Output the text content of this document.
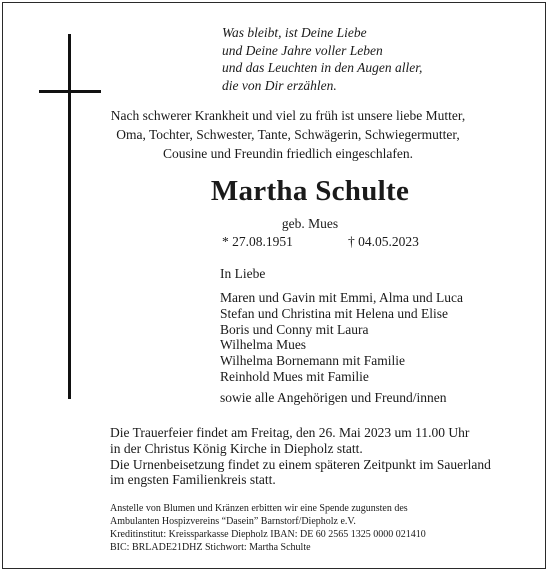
Was bleibt, ist Deine Liebe
und Deine Jahre voller Leben
und das Leuchten in den Augen aller,
die von Dir erzählen.
Nach schwerer Krankheit und viel zu früh ist unsere liebe Mutter,
Oma, Tochter, Schwester, Tante, Schwägerin, Schwiegermutter,
Cousine und Freundin friedlich eingeschlafen.
Martha Schulte
geb. Mues
* 27.08.1951	† 04.05.2023
In Liebe
Maren und Gavin mit Emmi, Alma und Luca
Stefan und Christina mit Helena und Elise
Boris und Conny mit Laura
Wilhelma Mues
Wilhelma Bornemann mit Familie
Reinhold Mues mit Familie
sowie alle Angehörigen und Freund/innen
Die Trauerfeier findet am Freitag, den 26. Mai 2023 um 11.00 Uhr
in der Christus König Kirche in Diepholz statt.
Die Urnenbeisetzung findet zu einem späteren Zeitpunkt im Sauerland
im engsten Familienkreis statt.
Anstelle von Blumen und Kränzen erbitten wir eine Spende zugunsten des
Ambulanten Hospizvereins “Dasein” Barnstorf/Diepholz e.V.
Kreditinstitut: Kreissparkasse Diepholz IBAN: DE 60 2565 1325 0000 021410
BIC: BRLADE21DHZ Stichwort: Martha Schulte
